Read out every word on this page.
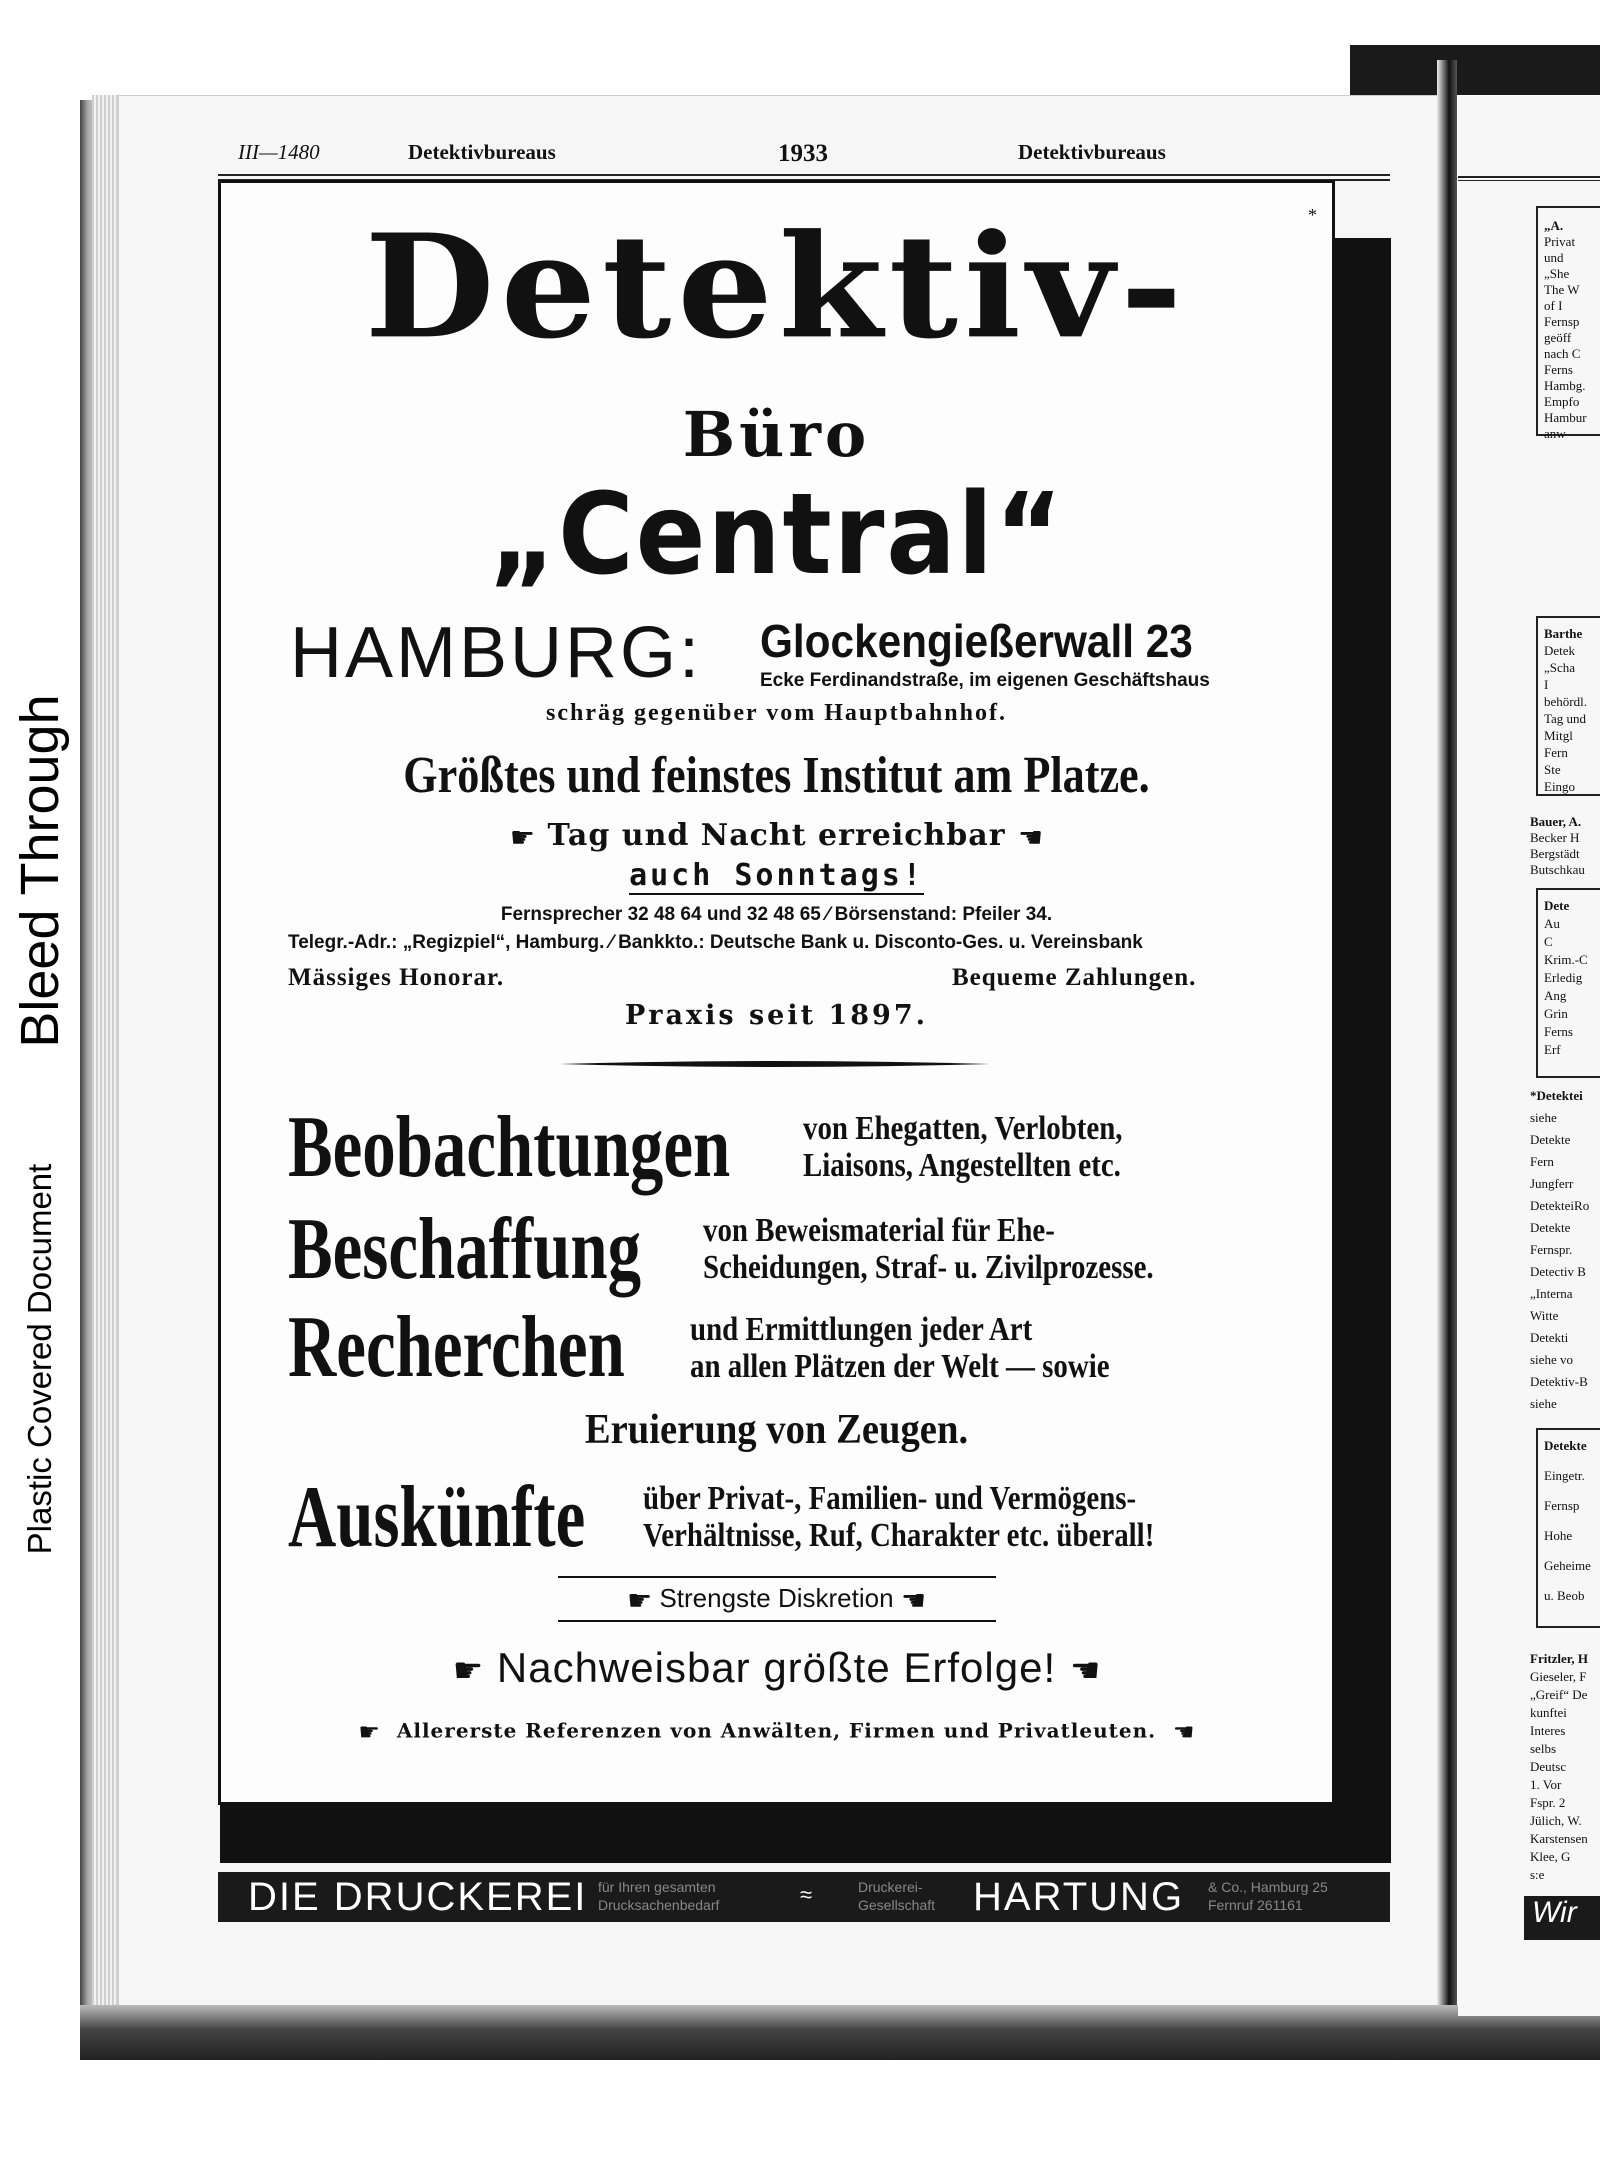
Bleed Through
Plastic Covered Document
III—1480	Detektivbureaus	1933	Detektivbureaus
*
Detektiv-
Büro
„Central“
HAMBURG: Glockengießerwall 23
Ecke Ferdinandstraße, im eigenen Geschäftshaus
schräg gegenüber vom Hauptbahnhof.
Größtes und feinstes Institut am Platze.
☛ Tag und Nacht erreichbar ☛
auch Sonntags!
Fernsprecher 32 48 64 und 32 48 65 ⁄ Börsenstand: Pfeiler 34.
Telegr.-Adr.: „Regizpiel“, Hamburg. ⁄ Bankkto.: Deutsche Bank u. Disconto-Ges. u. Vereinsbank
Mässiges Honorar.	Bequeme Zahlungen.
Praxis seit 1897.
Beobachtungen von Ehegatten, Verlobten,
Liaisons, Angestellten etc.
Beschaffung von Beweismaterial für Ehe-
Scheidungen, Straf- u. Zivilprozesse.
Recherchen und Ermittlungen jeder Art
an allen Plätzen der Welt — sowie
Eruierung von Zeugen.
Auskünfte über Privat-, Familien- und Vermögens-
Verhältnisse, Ruf, Charakter etc. überall!
☛ Strengste Diskretion ☛
☛ Nachweisbar größte Erfolge! ☛
☛ Allererste Referenzen von Anwälten, Firmen und Privatleuten. ☛
DIE DRUCKEREI für Ihren gesamten
Drucksachenbedarf	≈	Druckerei-
Gesellschaft HARTUNG & Co., Hamburg 25
Fernruf 261161
„A.
Privat
und
„She
The W
of I
Fernsp
geöff
nach C
Ferns
Hambg.
Empfo
Hambur
anw
Barthe
Detek
„Scha
I
behördl.
Tag und
Mitgl
Fern
Ste
Eingo
Bauer, A.
Becker H
Bergstädt
Butschkau
Dete
Au
C
Krim.-C
Erledig
Ang
Grin
Ferns
Erf
*Detektei
siehe
Detekte
Fern
Jungferr
DetekteiRo
Detekte
Fernspr.
Detectiv B
„Interna
Witte
Detekti
siehe vo
Detektiv-B
siehe
Detekte
Eingetr.
Fernsp
Hohe
Geheime
u. Beob
Fritzler, H
Gieseler, F
„Greif“ De
kunftei
Interes
selbs
Deutsc
1. Vor
Fspr. 2
Jülich, W.
Karstensen
Klee, G
s:e
Wir
